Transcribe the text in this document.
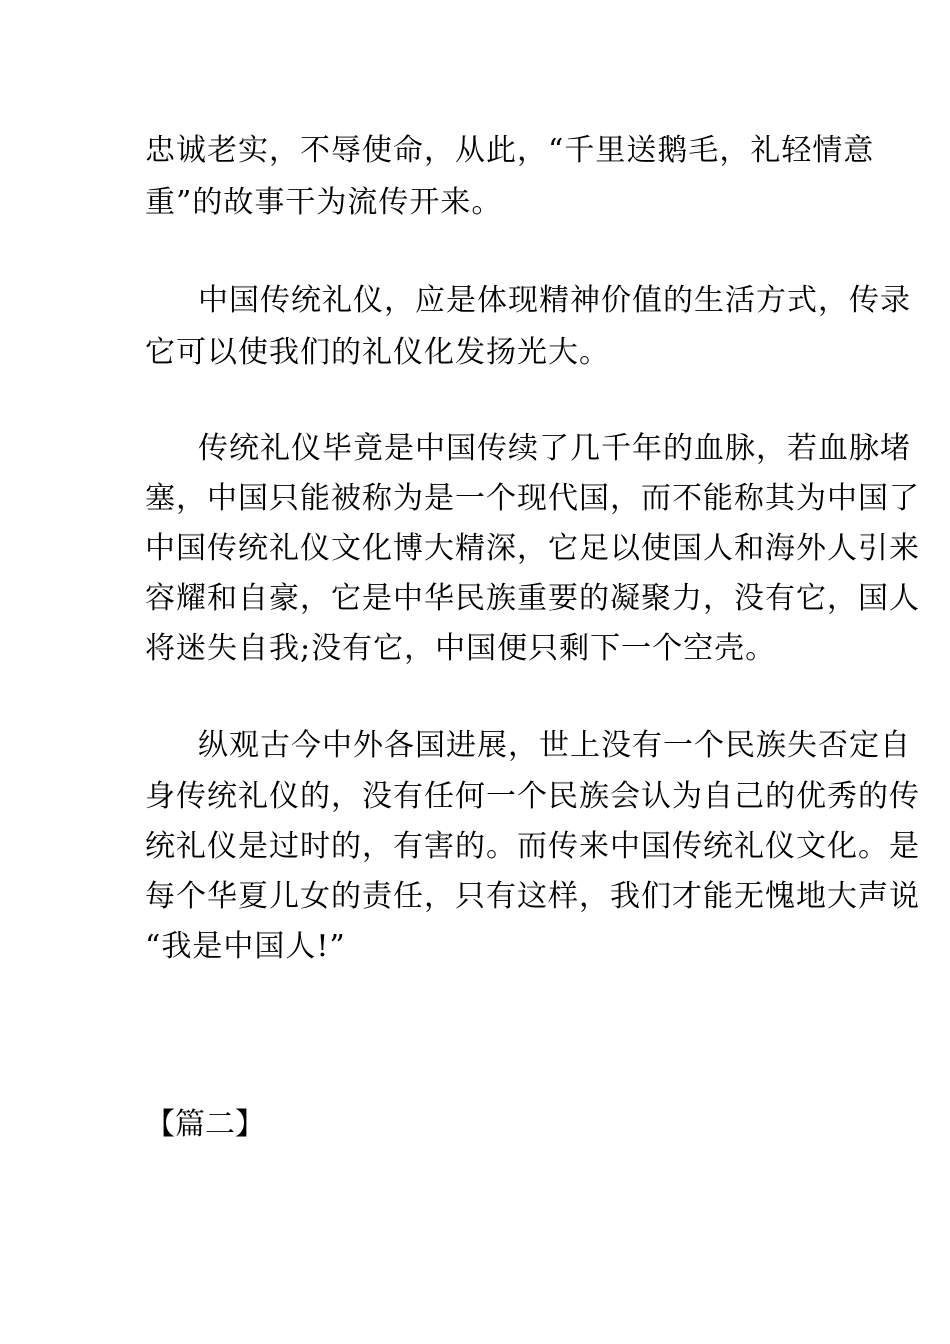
忠诚老实，不辱使命，从此，“千里送鹅毛，礼轻情意
重”的故事干为流传开来。
中国传统礼仪，应是体现精神价值的生活方式，传录
它可以使我们的礼仪化发扬光大。
传统礼仪毕竟是中国传续了几千年的血脉，若血脉堵
塞，中国只能被称为是一个现代国，而不能称其为中国了
中国传统礼仪文化博大精深，它足以使国人和海外人引来
容耀和自豪，它是中华民族重要的凝聚力，没有它，国人
将迷失自我;没有它，中国便只剩下一个空壳。
纵观古今中外各国进展，世上没有一个民族失否定自
身传统礼仪的，没有任何一个民族会认为自己的优秀的传
统礼仪是过时的，有害的。而传来中国传统礼仪文化。是
每个华夏儿女的责任，只有这样，我们才能无愧地大声说
“我是中国人!”
【篇二】
